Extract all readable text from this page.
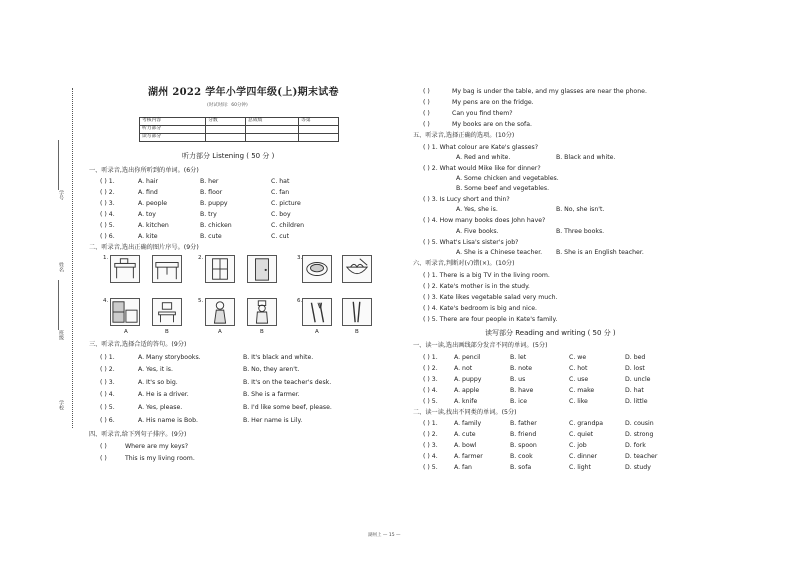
学号
姓名
班级
学校
湖州 2022 学年小学四年级(上)期末试卷
(时试时间：60分钟)
考核内容	分数	总成绩	等第
听力部分			
读写部分			
听力部分 Listening ( 50 分 )
一、听录音,选出你所听到的单词。(6分)
( ) 1.	A. hair	B. her	C. hat
( ) 2.	A. find	B. floor	C. fan
( ) 3.	A. people	B. puppy	C. picture
( ) 4.	A. toy	B. try	C. boy
( ) 5.	A. kitchen	B. chicken	C. children
( ) 6.	A. kite	B. cute	C. cut
二、听录音,选出正确的图片序号。(9分)
1.	2.	3.
4.	5.	6.
A	B	A	B	A	B
三、听录音,选择合适的答句。(9分)
( ) 1.	A. Many storybooks.	B. It's black and white.
( ) 2.	A. Yes, it is.	B. No, they aren't.
( ) 3.	A. It's so big.	B. It's on the teacher's desk.
( ) 4.	A. He is a driver.	B. She is a farmer.
( ) 5.	A. Yes, please.	B. I'd like some beef, please.
( ) 6.	A. His name is Bob.	B. Her name is Lily.
四、听录音,给下列句子排序。(9分)
( )	Where are my keys?
( )	This is my living room.
( )	My bag is under the table, and my glasses are near the phone.
( )	My pens are on the fridge.
( )	Can you find them?
( )	My books are on the sofa.
五、听录音,选择正确的选项。(10分)
( ) 1. What colour are Kate's glasses?
A. Red and white.	B. Black and white.
( ) 2. What would Mike like for dinner?
A. Some chicken and vegetables.
B. Some beef and vegetables.
( ) 3. Is Lucy short and thin?
A. Yes, she is.	B. No, she isn't.
( ) 4. How many books does John have?
A. Five books.	B. Three books.
( ) 5. What's Lisa's sister's job?
A. She is a Chinese teacher. B. She is an English teacher.
六、听录音,判断对(√)错(×)。(10分)
( ) 1. There is a big TV in the living room.
( ) 2. Kate's mother is in the study.
( ) 3. Kate likes vegetable salad very much.
( ) 4. Kate's bedroom is big and nice.
( ) 5. There are four people in Kate's family.
读写部分 Reading and writing ( 50 分 )
一、读一读,选出画线部分发音不同的单词。(5分)
( ) 1.	A. pencil	B. let	C. we	D. bed
( ) 2.	A. not	B. note	C. hot	D. lost
( ) 3.	A. puppy	B. us	C. use	D. uncle
( ) 4.	A. apple	B. have	C. make	D. hat
( ) 5.	A. knife	B. ice	C. like	D. little
二、读一读,找出不同类的单词。(5分)
( ) 1.	A. family	B. father	C. grandpa	D. cousin
( ) 2.	A. cute	B. friend	C. quiet	D. strong
( ) 3.	A. bowl	B. spoon	C. job	D. fork
( ) 4.	A. farmer	B. cook	C. dinner	D. teacher
( ) 5.	A. fan	B. sofa	C. light	D. study
湖州上 — 15 —
